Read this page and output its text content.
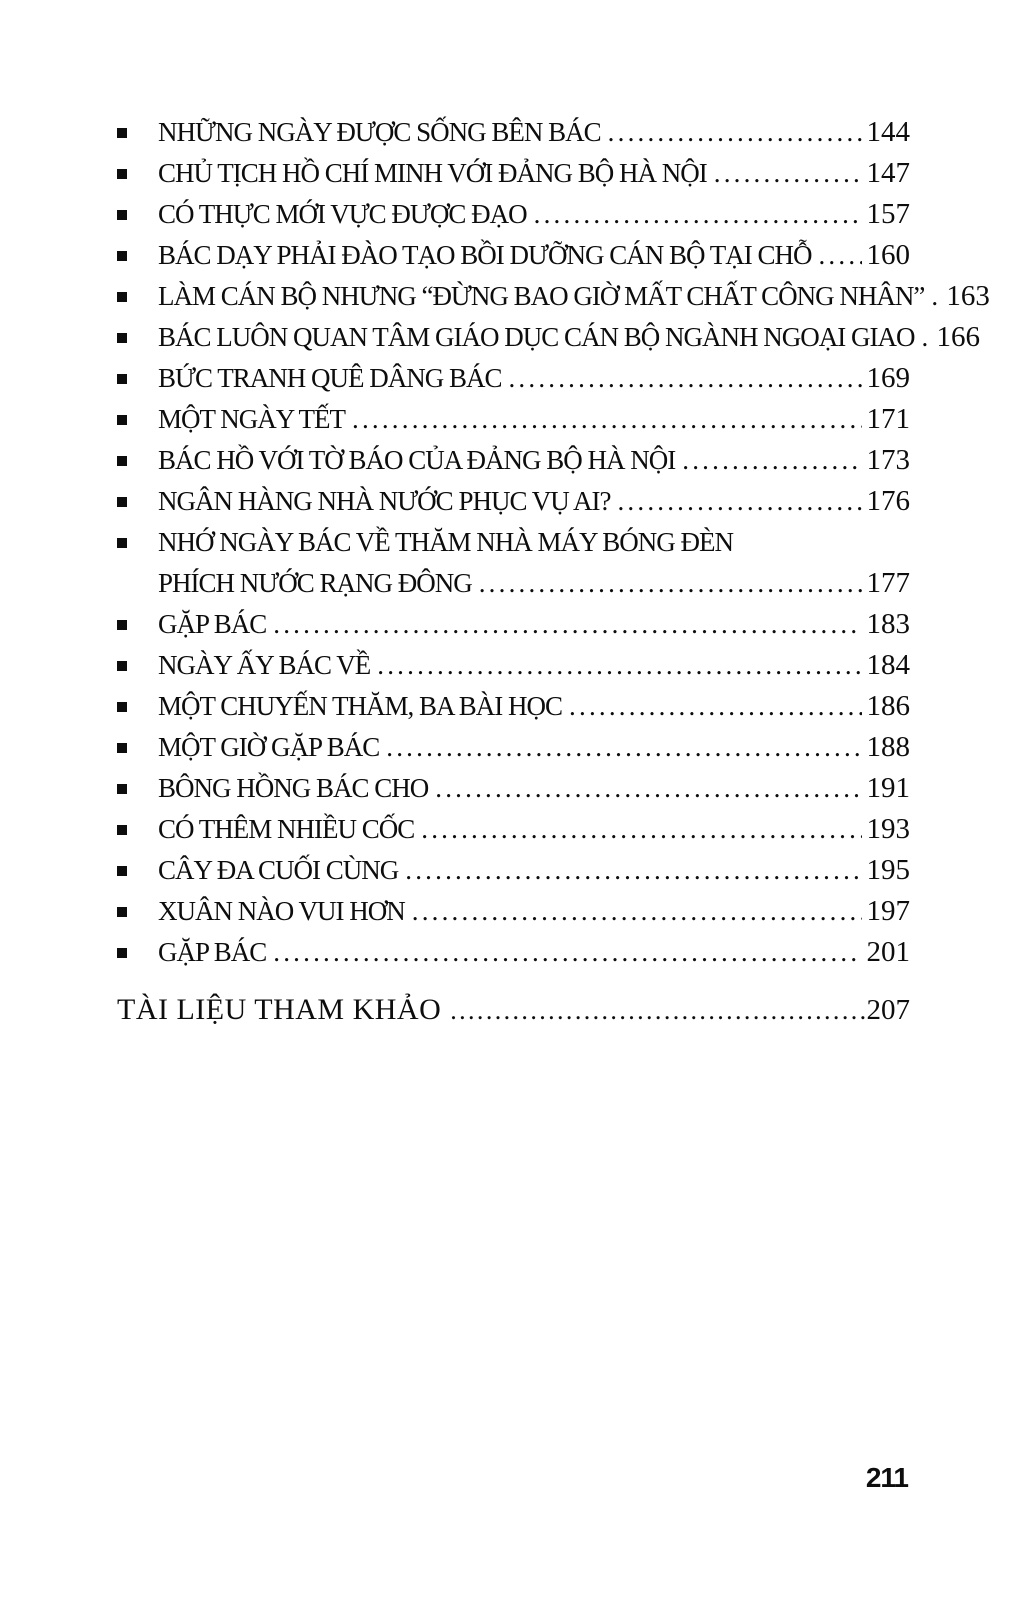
NHỮNG NGÀY ĐƯỢC SỐNG BÊN BÁC .....	144
CHỦ TỊCH HỒ CHÍ MINH VỚI ĐẢNG BỘ HÀ NỘI .....	147
CÓ THỰC MỚI VỰC ĐƯỢC ĐẠO .....	157
BÁC DẠY PHẢI ĐÀO TẠO BỒI DƯỠNG CÁN BỘ TẠI CHỖ ..... 160
LÀM CÁN BỘ NHƯNG “ĐỪNG BAO GIỜ MẤT CHẤT CÔNG NHÂN” ..... 163
BÁC LUÔN QUAN TÂM GIÁO DỤC CÁN BỘ NGÀNH NGOẠI GIAO ..... 166
BỨC TRANH QUÊ DÂNG BÁC .....	169
MỘT NGÀY TẾT .....	171
BÁC HỒ VỚI TỜ BÁO CỦA ĐẢNG BỘ HÀ NỘI .....	173
NGÂN HÀNG NHÀ NƯỚC PHỤC VỤ AI? .....	176
NHỚ NGÀY BÁC VỀ THĂM NHÀ MÁY BÓNG ĐÈN
PHÍCH NƯỚC RẠNG ĐÔNG .....	177
GẶP BÁC .....	183
NGÀY ẤY BÁC VỀ .....	184
MỘT CHUYẾN THĂM, BA BÀI HỌC .....	186
MỘT GIỜ GẶP BÁC .....	188
BÔNG HỒNG BÁC CHO .....	191
CÓ THÊM NHIỀU CỐC .....	193
CÂY ĐA CUỐI CÙNG .....	195
XUÂN NÀO VUI HƠN .....	197
GẶP BÁC .....	201
TÀI LIỆU THAM KHẢO .....	207
211
